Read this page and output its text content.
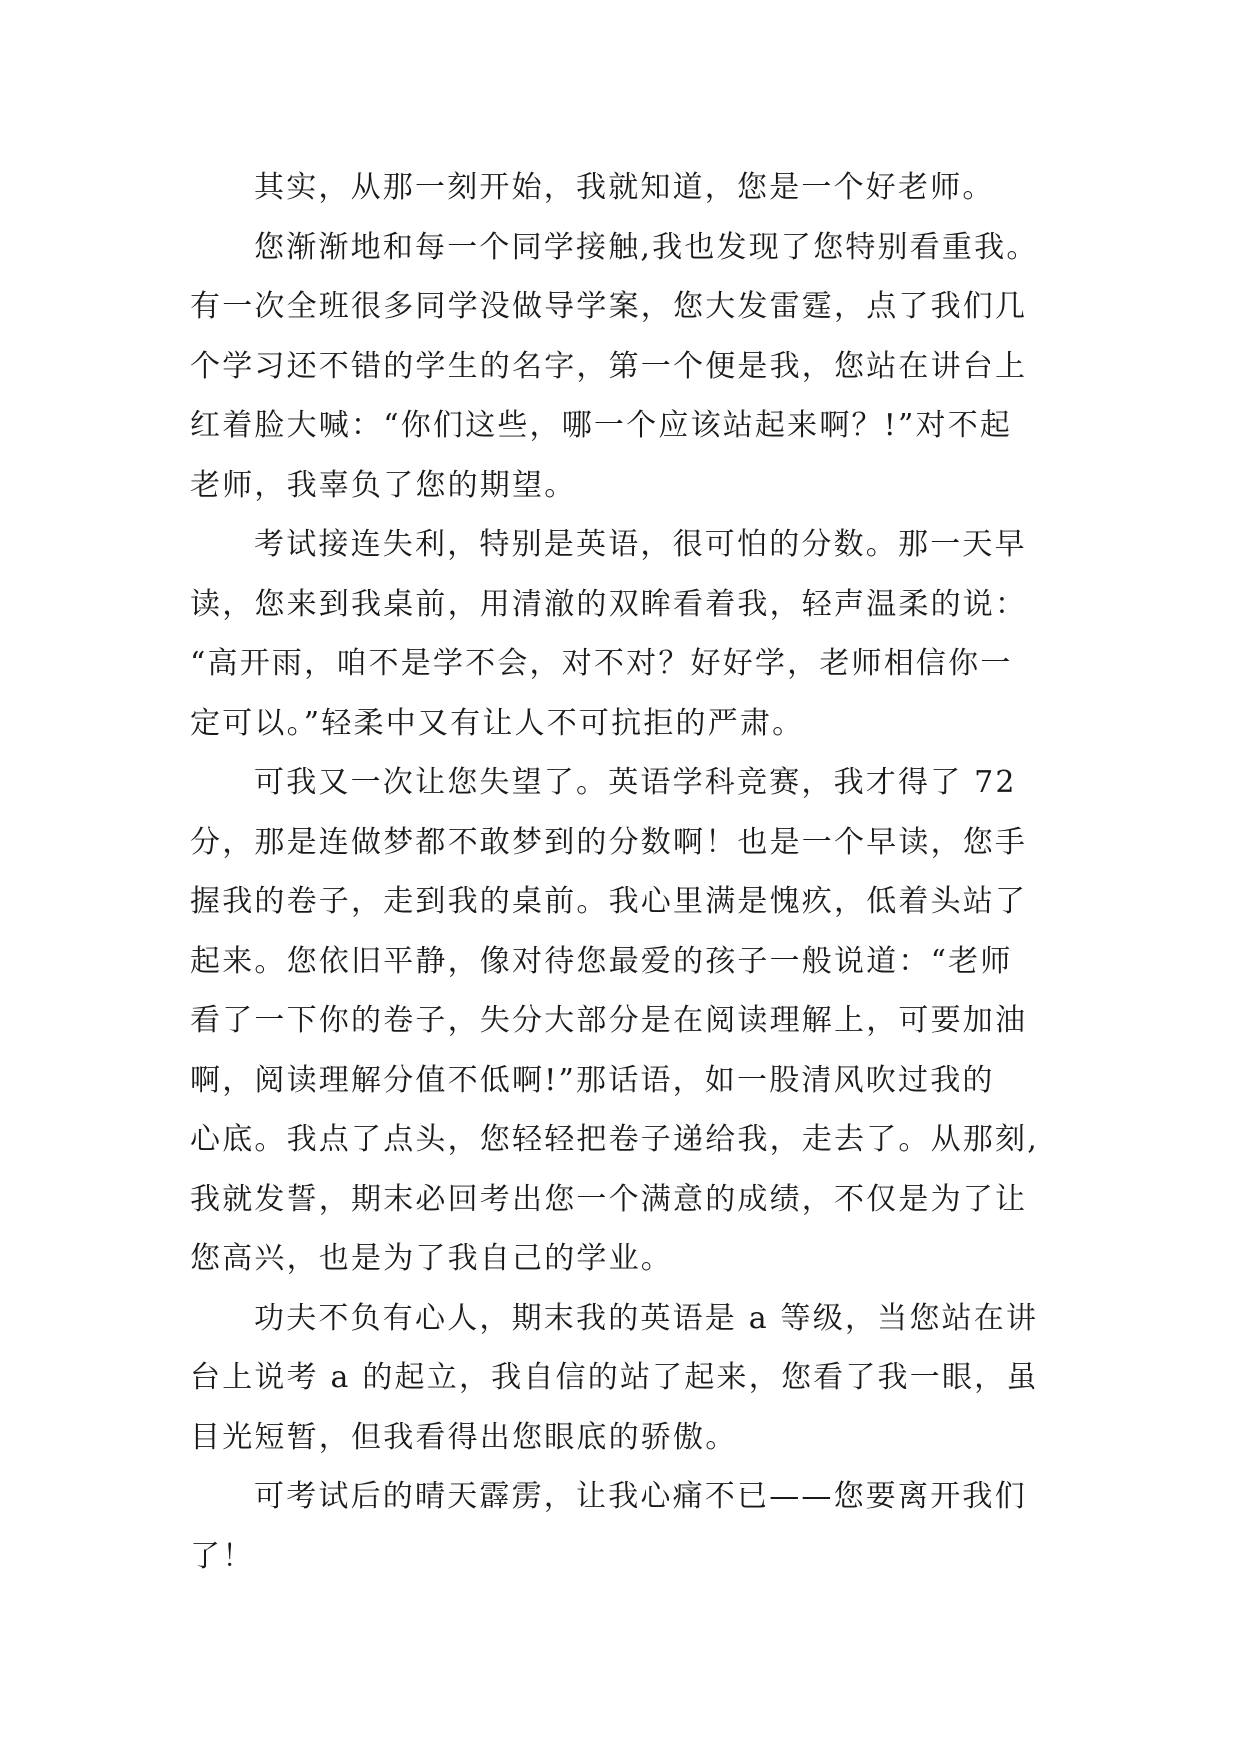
其实，从那一刻开始，我就知道，您是一个好老师。
您渐渐地和每一个同学接触,我也发现了您特别看重我。
有一次全班很多同学没做导学案，您大发雷霆，点了我们几
个学习还不错的学生的名字，第一个便是我，您站在讲台上
红着脸大喊：“你们这些，哪一个应该站起来啊？!”对不起
老师，我辜负了您的期望。
考试接连失利，特别是英语，很可怕的分数。那一天早
读，您来到我桌前，用清澈的双眸看着我，轻声温柔的说：
“高开雨，咱不是学不会，对不对？好好学，老师相信你一
定可以。”轻柔中又有让人不可抗拒的严肃。
可我又一次让您失望了。英语学科竞赛，我才得了 72
分，那是连做梦都不敢梦到的分数啊！也是一个早读，您手
握我的卷子，走到我的桌前。我心里满是愧疚，低着头站了
起来。您依旧平静，像对待您最爱的孩子一般说道：“老师
看了一下你的卷子，失分大部分是在阅读理解上，可要加油
啊，阅读理解分值不低啊!”那话语，如一股清风吹过我的
心底。我点了点头，您轻轻把卷子递给我，走去了。从那刻,
我就发誓，期末必回考出您一个满意的成绩，不仅是为了让
您高兴，也是为了我自己的学业。
功夫不负有心人，期末我的英语是 a 等级，当您站在讲
台上说考 a 的起立，我自信的站了起来，您看了我一眼，虽
目光短暂，但我看得出您眼底的骄傲。
可考试后的晴天霹雳，让我心痛不已——您要离开我们
了！
